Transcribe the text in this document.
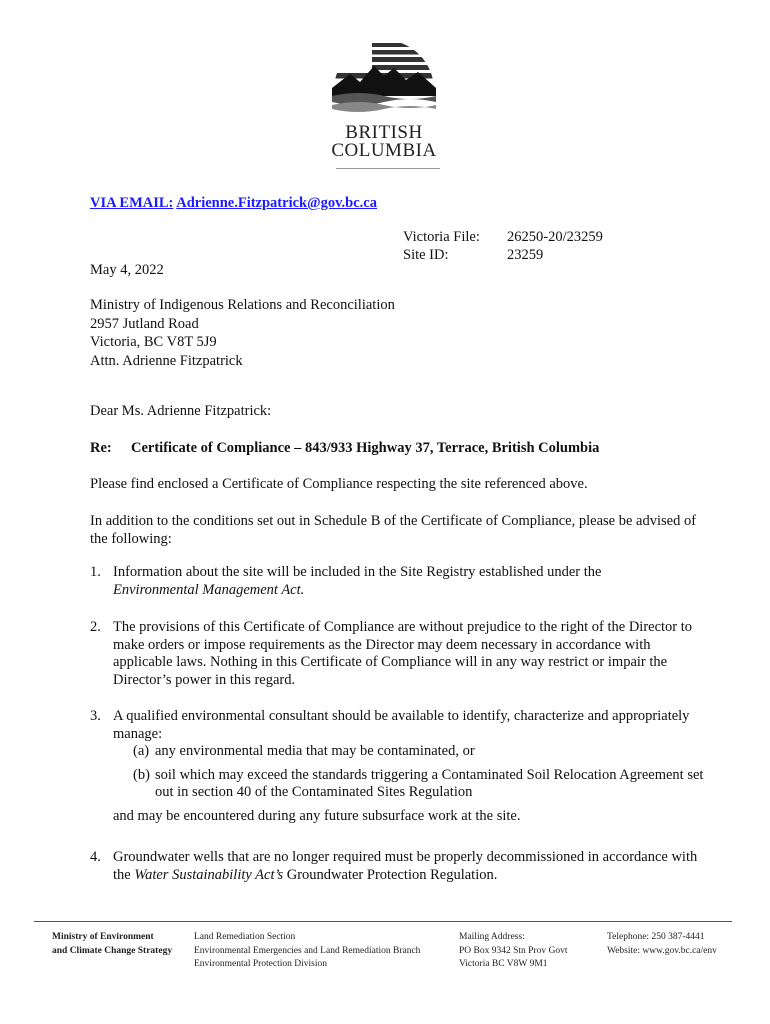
BRITISH
COLUMBIA
VIA EMAIL: Adrienne.Fitzpatrick@gov.bc.ca
Victoria File:
Site ID:
26250-20/23259
23259
May 4, 2022
Ministry of Indigenous Relations and Reconciliation
2957 Jutland Road
Victoria, BC V8T 5J9
Attn. Adrienne Fitzpatrick
Dear Ms. Adrienne Fitzpatrick:
Re: Certificate of Compliance – 843/933 Highway 37, Terrace, British Columbia
Please find enclosed a Certificate of Compliance respecting the site referenced above.
In addition to the conditions set out in Schedule B of the Certificate of Compliance, please be advised of the following:
1. Information about the site will be included in the Site Registry established under the
Environmental Management Act.
2. The provisions of this Certificate of Compliance are without prejudice to the right of the Director to make orders or impose requirements as the Director may deem necessary in accordance with applicable laws. Nothing in this Certificate of Compliance will in any way restrict or impair the Director’s power in this regard.
3. A qualified environmental consultant should be available to identify, characterize and appropriately manage:
(a) any environmental media that may be contaminated, or
(b) soil which may exceed the standards triggering a Contaminated Soil Relocation Agreement set out in section 40 of the Contaminated Sites Regulation
and may be encountered during any future subsurface work at the site.
4. Groundwater wells that are no longer required must be properly decommissioned in accordance with the Water Sustainability Act’s Groundwater Protection Regulation.
Ministry of Environment
and Climate Change Strategy
Land Remediation Section
Environmental Emergencies and Land Remediation Branch
Environmental Protection Division
Mailing Address:
PO Box 9342 Stn Prov Govt
Victoria BC V8W 9M1
Telephone: 250 387-4441
Website: www.gov.bc.ca/env
